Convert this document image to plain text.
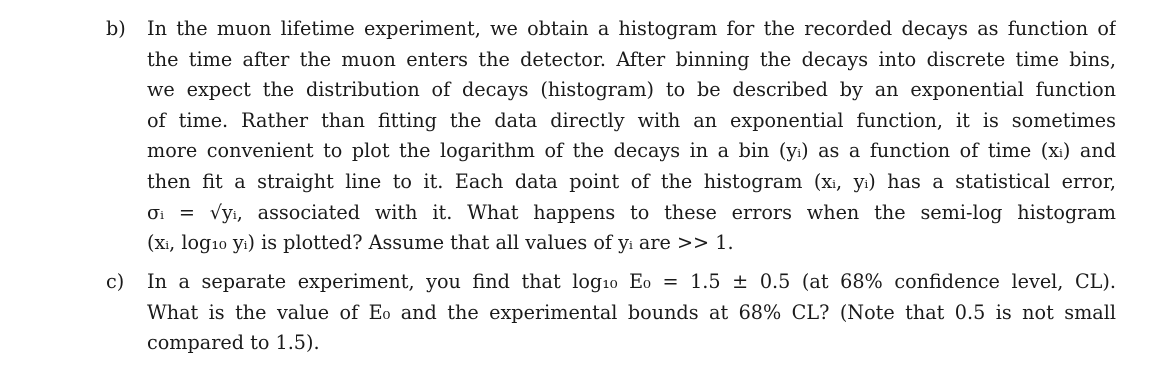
b)	In the muon lifetime experiment, we obtain a histogram for the recorded decays as function of
the time after the muon enters the detector. After binning the decays into discrete time bins,
we expect the distribution of decays (histogram) to be described by an exponential function
of time. Rather than fitting the data directly with an exponential function, it is sometimes
more convenient to plot the logarithm of the decays in a bin (yᵢ) as a function of time (xᵢ) and
then fit a straight line to it. Each data point of the histogram (xᵢ, yᵢ) has a statistical error,
σᵢ = √yᵢ, associated with it. What happens to these errors when the semi-log histogram
(xᵢ, log₁₀ yᵢ) is plotted? Assume that all values of yᵢ are >> 1.
c)	In a separate experiment, you find that log₁₀ E₀ = 1.5 ± 0.5 (at 68% confidence level, CL).
What is the value of E₀ and the experimental bounds at 68% CL? (Note that 0.5 is not small
compared to 1.5).
